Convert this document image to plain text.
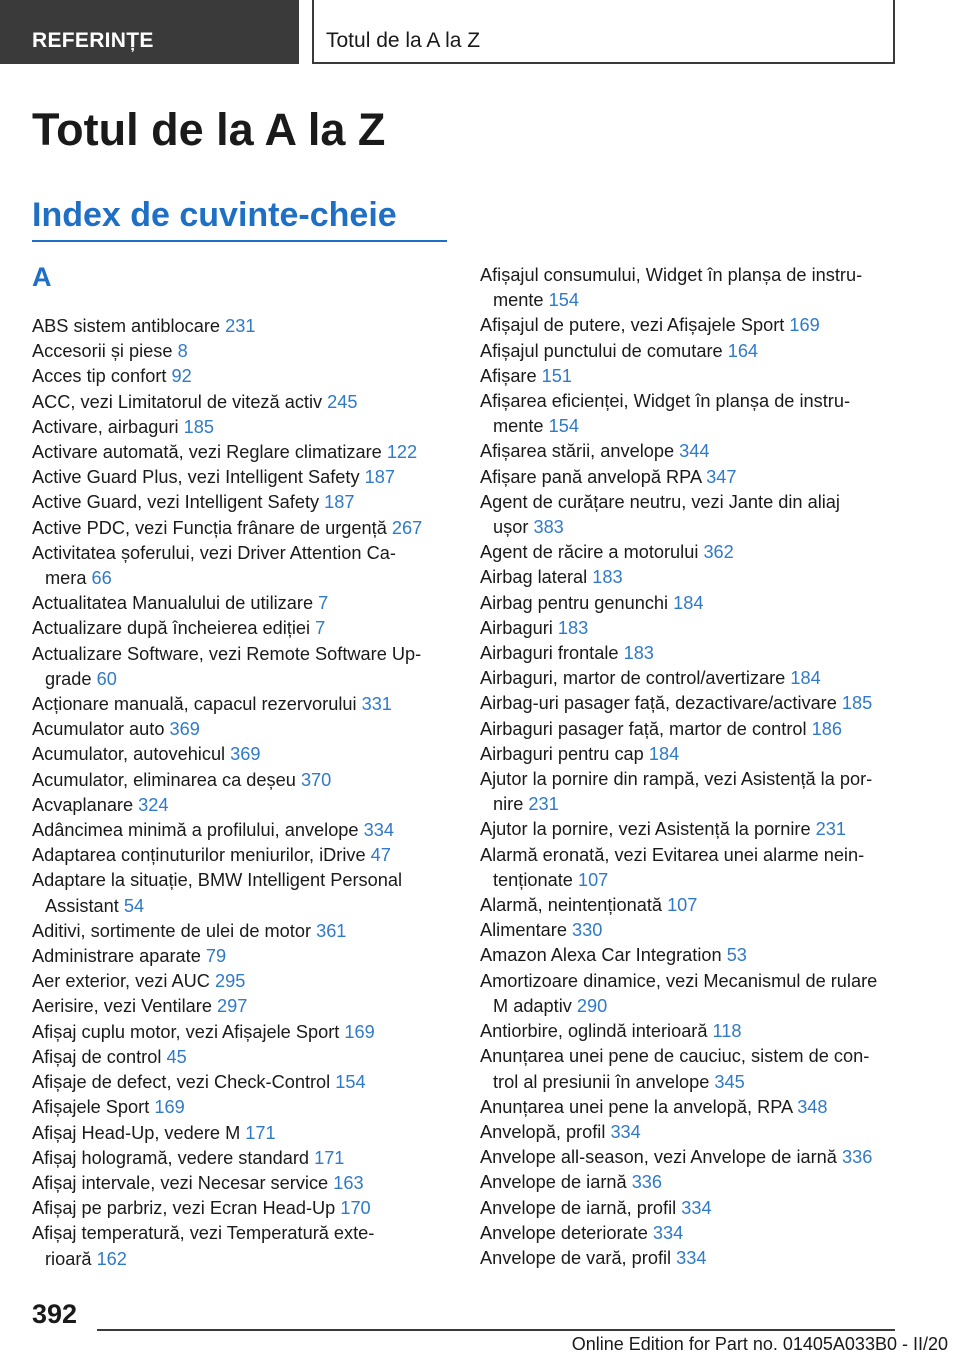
REFERINȚE	Totul de la A la Z
Totul de la A la Z
Index de cuvinte-cheie
A
ABS sistem antiblocare 231
Accesorii și piese 8
Acces tip confort 92
ACC, vezi Limitatorul de viteză activ 245
Activare, airbaguri 185
Activare automată, vezi Reglare climatizare 122
Active Guard Plus, vezi Intelligent Safety 187
Active Guard, vezi Intelligent Safety 187
Active PDC, vezi Funcția frânare de urgență 267
Activitatea șoferului, vezi Driver Attention Ca-
mera 66
Actualitatea Manualului de utilizare 7
Actualizare după încheierea ediției 7
Actualizare Software, vezi Remote Software Up-
grade 60
Acționare manuală, capacul rezervorului 331
Acumulator auto 369
Acumulator, autovehicul 369
Acumulator, eliminarea ca deșeu 370
Acvaplanare 324
Adâncimea minimă a profilului, anvelope 334
Adaptarea conținuturilor meniurilor, iDrive 47
Adaptare la situație, BMW Intelligent Personal
Assistant 54
Aditivi, sortimente de ulei de motor 361
Administrare aparate 79
Aer exterior, vezi AUC 295
Aerisire, vezi Ventilare 297
Afișaj cuplu motor, vezi Afișajele Sport 169
Afișaj de control 45
Afișaje de defect, vezi Check-Control 154
Afișajele Sport 169
Afișaj Head-Up, vedere M 171
Afișaj hologramă, vedere standard 171
Afișaj intervale, vezi Necesar service 163
Afișaj pe parbriz, vezi Ecran Head-Up 170
Afișaj temperatură, vezi Temperatură exte-
rioară 162
Afișajul consumului, Widget în planșa de instru-
mente 154
Afișajul de putere, vezi Afișajele Sport 169
Afișajul punctului de comutare 164
Afișare 151
Afișarea eficienței, Widget în planșa de instru-
mente 154
Afișarea stării, anvelope 344
Afișare pană anvelopă RPA 347
Agent de curățare neutru, vezi Jante din aliaj
ușor 383
Agent de răcire a motorului 362
Airbag lateral 183
Airbag pentru genunchi 184
Airbaguri 183
Airbaguri frontale 183
Airbaguri, martor de control/avertizare 184
Airbag-uri pasager față, dezactivare/activare 185
Airbaguri pasager față, martor de control 186
Airbaguri pentru cap 184
Ajutor la pornire din rampă, vezi Asistență la por-
nire 231
Ajutor la pornire, vezi Asistență la pornire 231
Alarmă eronată, vezi Evitarea unei alarme nein-
tenționate 107
Alarmă, neintenționată 107
Alimentare 330
Amazon Alexa Car Integration 53
Amortizoare dinamice, vezi Mecanismul de rulare
M adaptiv 290
Antiorbire, oglindă interioară 118
Anunțarea unei pene de cauciuc, sistem de con-
trol al presiunii în anvelope 345
Anunțarea unei pene la anvelopă, RPA 348
Anvelopă, profil 334
Anvelope all-season, vezi Anvelope de iarnă 336
Anvelope de iarnă 336
Anvelope de iarnă, profil 334
Anvelope deteriorate 334
Anvelope de vară, profil 334
392
Online Edition for Part no. 01405A033B0 - II/20
